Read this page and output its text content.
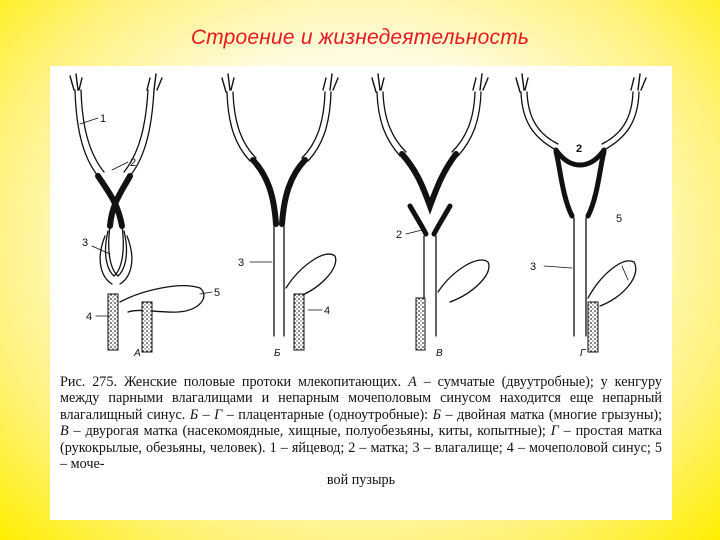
Строение и жизнедеятельность
1
2
3
4
5
А
3
4
Б
2
В
2
3
5
Г
Рис. 275. Женские половые протоки млекопитающих. А – сумчатые (двуутробные); у кенгуру между парными влагалищами и непарным мочеполовым синусом находится еще непарный влагалищный синус. Б – Г – плацентарные (одноутробные): Б – двойная матка (многие грызуны); В – двурогая матка (насекомоядные, хищные, полуобезьяны, киты, копытные); Г – простая матка (рукокрылые, обезьяны, человек). 1 – яйцевод; 2 – матка; 3 – влагалище; 4 – мочеполовой синус; 5 – моче-
вой пузырь
